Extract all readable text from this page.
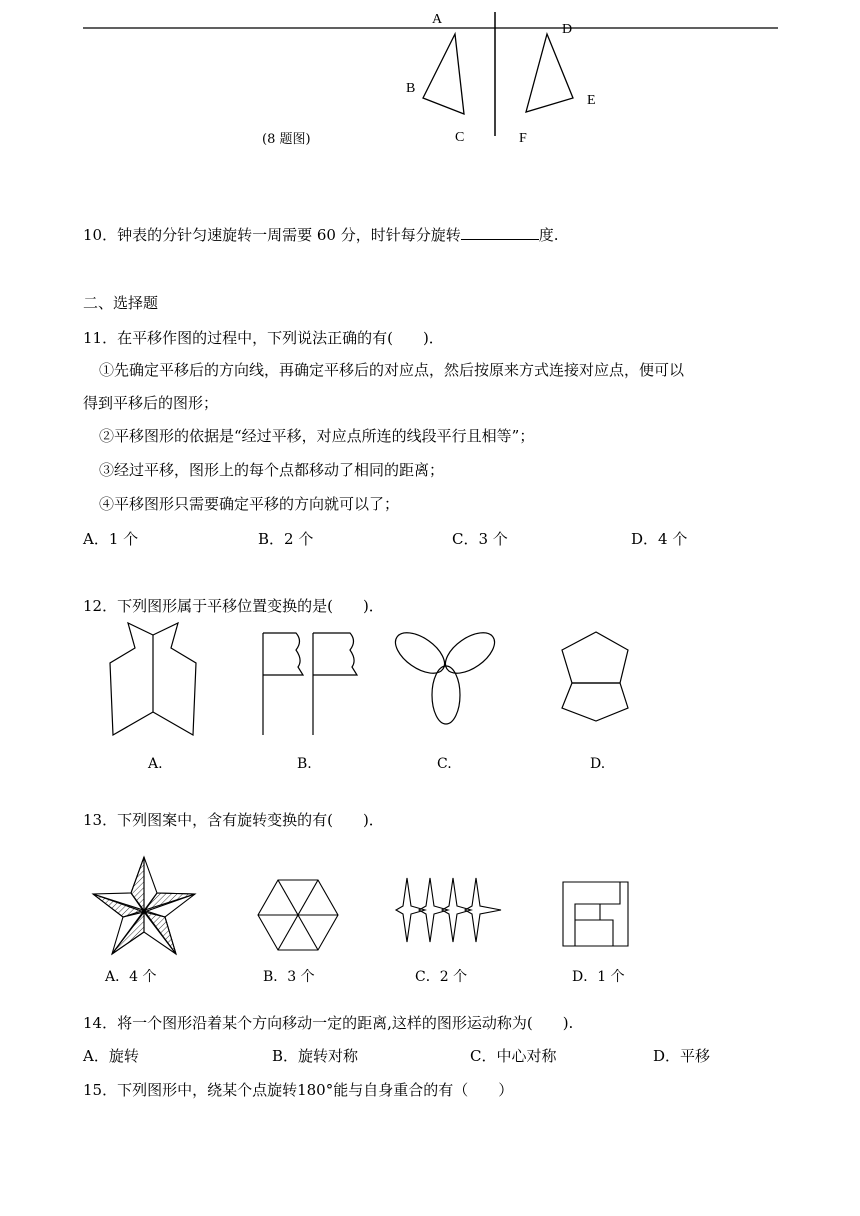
A
B
C
D
E
F
(8 题图)
10．钟表的分针匀速旋转一周需要 60 分，时针每分旋转	度.
二、选择题
11．在平移作图的过程中，下列说法正确的有(　　)．
①先确定平移后的方向线，再确定平移后的对应点，然后按原来方式连接对应点，便可以
得到平移后的图形；
②平移图形的依据是“经过平移，对应点所连的线段平行且相等”；
③经过平移，图形上的每个点都移动了相同的距离；
④平移图形只需要确定平移的方向就可以了；
A．1 个	B．2 个	C．3 个	D．4 个
12．下列图形属于平移位置变换的是(　　)．
A.	B.	C.	D.
13．下列图案中，含有旋转变换的有(　　)．
A．4 个	B．3 个	C．2 个	D．1 个
14．将一个图形沿着某个方向移动一定的距离,这样的图形运动称为(　　).
A．旋转	B．旋转对称	C．中心对称	D．平移
15．下列图形中，绕某个点旋转180°能与自身重合的有（　　）
